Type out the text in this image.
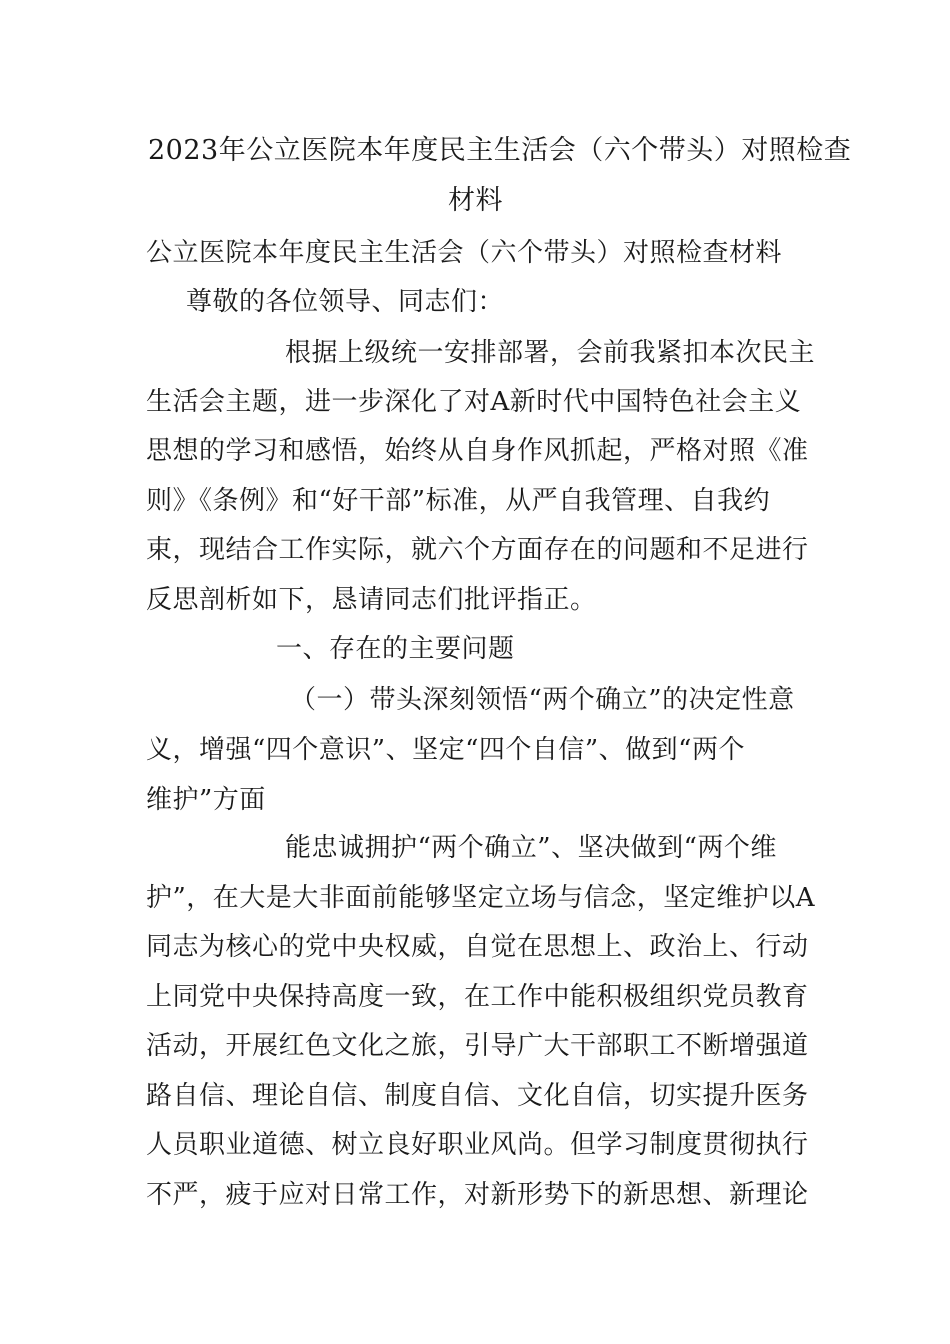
2023年公立医院本年度民主生活会（六个带头）对照检查

材料

公立医院本年度民主生活会（六个带头）对照检查材料

尊敬的各位领导、同志们：

根据上级统一安排部署，会前我紧扣本次民主

生活会主题，进一步深化了对A新时代中国特色社会主义

思想的学习和感悟，始终从自身作风抓起，严格对照《准

则》《条例》和“好干部”标准，从严自我管理、自我约

束，现结合工作实际，就六个方面存在的问题和不足进行

反思剖析如下，恳请同志们批评指正。

一、存在的主要问题

（一）带头深刻领悟“两个确立”的决定性意

义，增强“四个意识”、坚定“四个自信”、做到“两个

维护”方面

能忠诚拥护“两个确立”、坚决做到“两个维

护”，在大是大非面前能够坚定立场与信念，坚定维护以A

同志为核心的党中央权威，自觉在思想上、政治上、行动

上同党中央保持高度一致，在工作中能积极组织党员教育

活动，开展红色文化之旅，引导广大干部职工不断增强道

路自信、理论自信、制度自信、文化自信，切实提升医务

人员职业道德、树立良好职业风尚。但学习制度贯彻执行

不严，疲于应对日常工作，对新形势下的新思想、新理论
